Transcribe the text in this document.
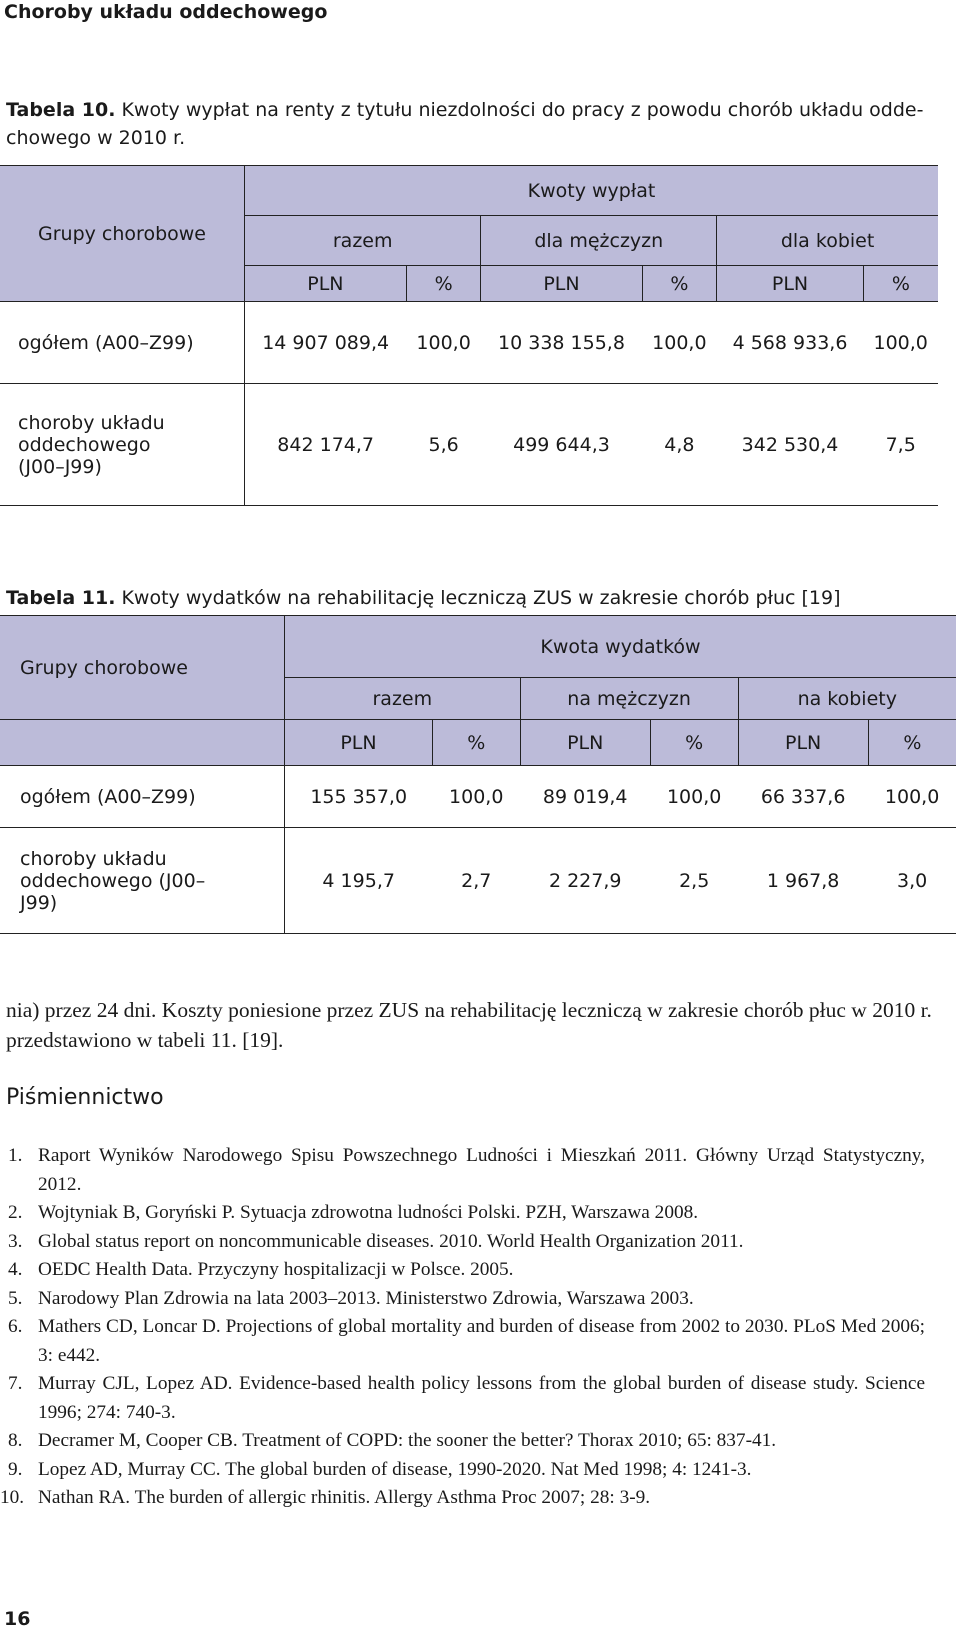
Choroby układu oddechowego
Tabela 10. Kwoty wypłat na renty z tytułu niezdolności do pracy z powodu chorób układu odde-chowego w 2010 r.
Grupy chorobowe	Kwoty wypłat					
	razem		dla mężczyzn		dla kobiet	
	PLN	%	PLN	%	PLN	%
ogółem (A00–Z99)	14 907 089,4	100,0	10 338 155,8	100,0	4 568 933,6	100,0
choroby układu oddechowego (J00–J99)	842 174,7	5,6	499 644,3	4,8	342 530,4	7,5
Tabela 11. Kwoty wydatków na rehabilitację leczniczą ZUS w zakresie chorób płuc [19]
Grupy chorobowe	Kwota wydatków					
	razem		na mężczyzn		na kobiety	
	PLN	%	PLN	%	PLN	%
ogółem (A00–Z99)	155 357,0	100,0	89 019,4	100,0	66 337,6	100,0
choroby układu oddechowego (J00–J99)	4 195,7	2,7	2 227,9	2,5	1 967,8	3,0
nia) przez 24 dni. Koszty poniesione przez ZUS na rehabilitację leczniczą w zakresie chorób płuc w 2010 r. przedstawiono w tabeli 11. [19].
Piśmiennictwo
1. Raport Wyników Narodowego Spisu Powszechnego Ludności i Mieszkań 2011. Główny Urząd Statystyczny, 2012.
2. Wojtyniak B, Goryński P. Sytuacja zdrowotna ludności Polski. PZH, Warszawa 2008.
3. Global status report on noncommunicable diseases. 2010. World Health Organization 2011.
4. OEDC Health Data. Przyczyny hospitalizacji w Polsce. 2005.
5. Narodowy Plan Zdrowia na lata 2003–2013. Ministerstwo Zdrowia, Warszawa 2003.
6. Mathers CD, Loncar D. Projections of global mortality and burden of disease from 2002 to 2030. PLoS Med 2006; 3: e442.
7. Murray CJL, Lopez AD. Evidence-based health policy lessons from the global burden of disease study. Science 1996; 274: 740-3.
8. Decramer M, Cooper CB. Treatment of COPD: the sooner the better? Thorax 2010; 65: 837-41.
9. Lopez AD, Murray CC. The global burden of disease, 1990-2020. Nat Med 1998; 4: 1241-3.
10. Nathan RA. The burden of allergic rhinitis. Allergy Asthma Proc 2007; 28: 3-9.
16
